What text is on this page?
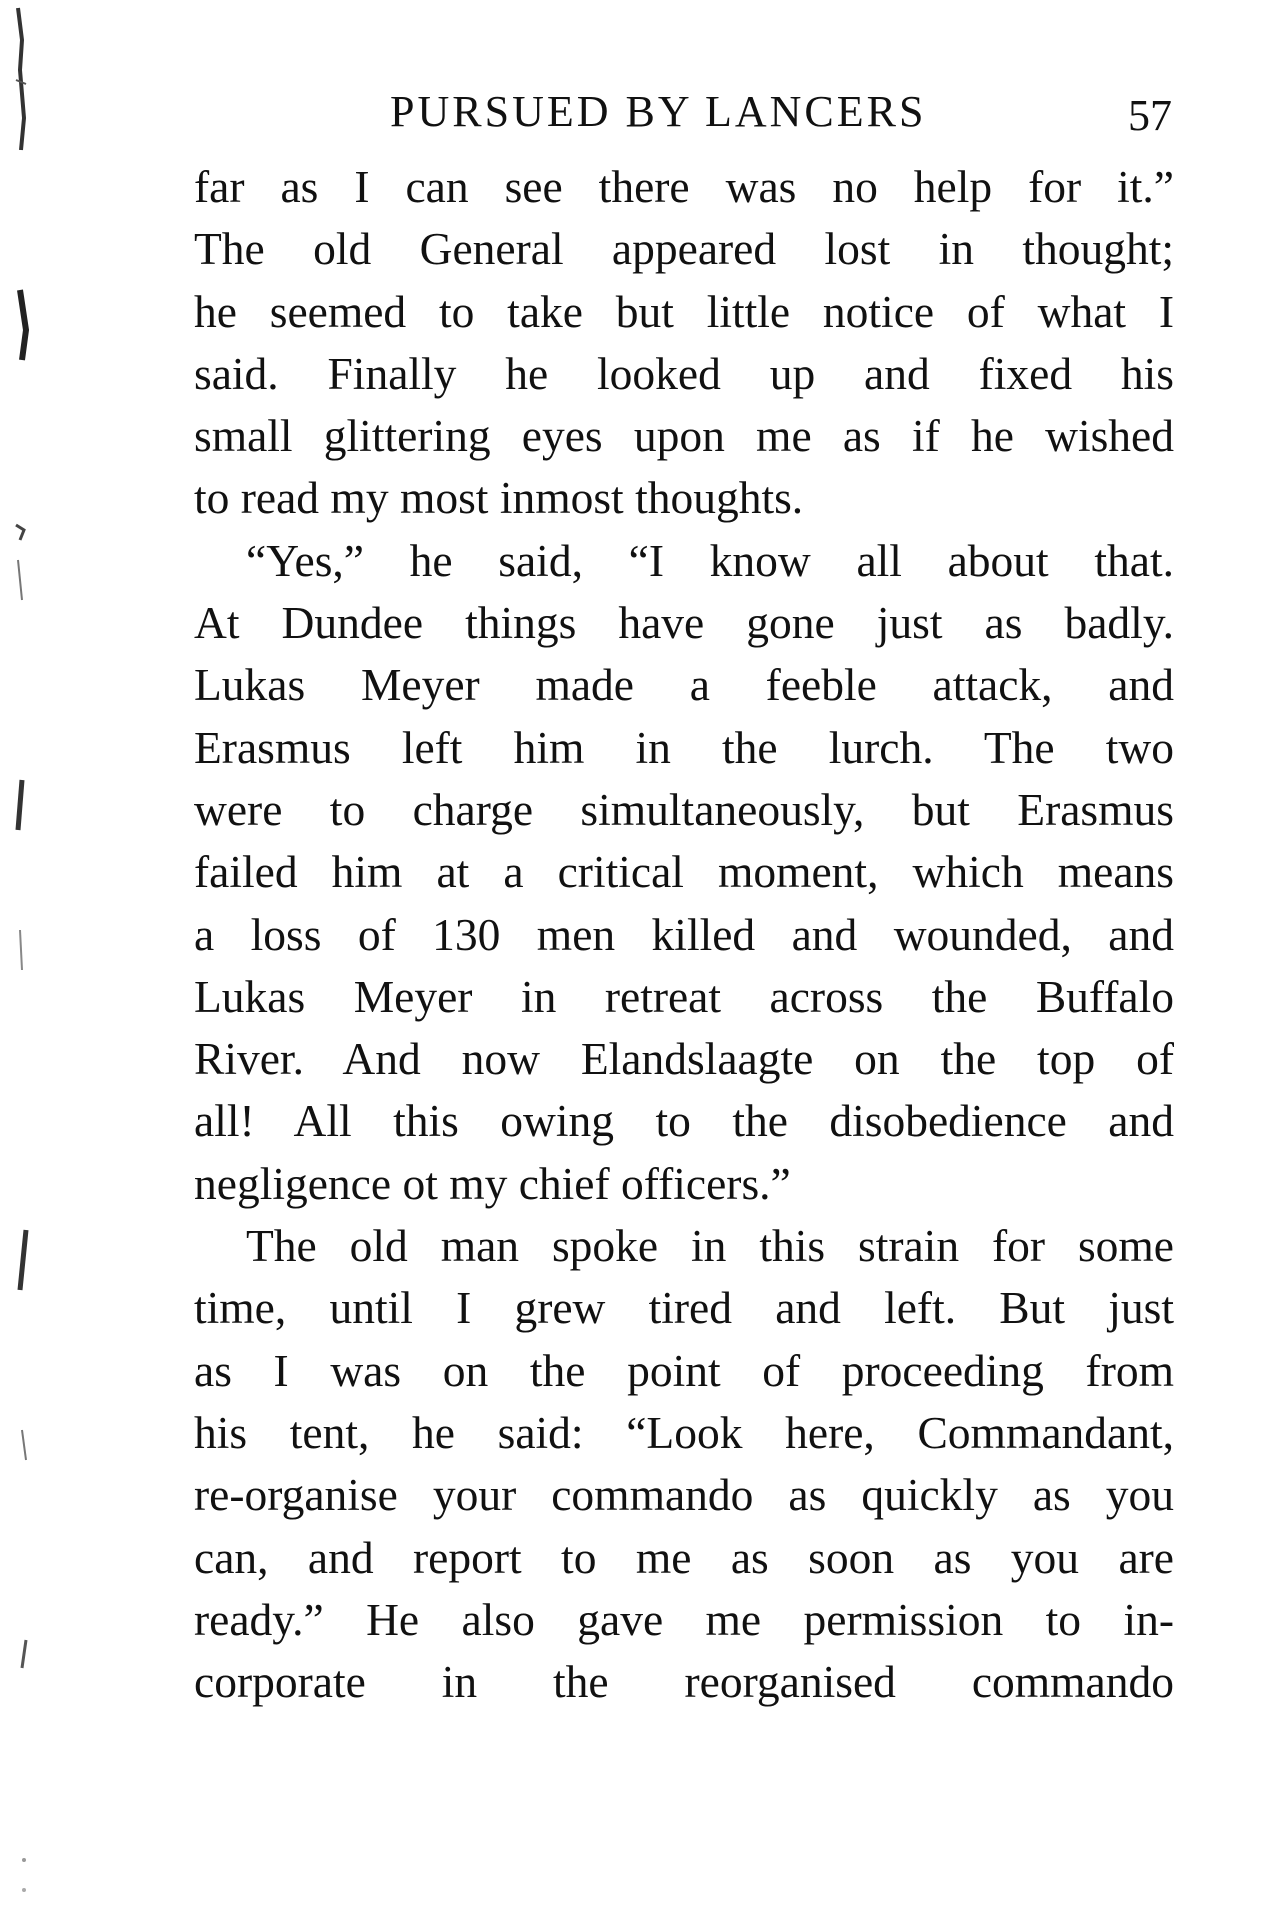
PURSUED BY LANCERS	57
far as I can see there was no help for it.”
The old General appeared lost in thought;
he seemed to take but little notice of what I
said. Finally he looked up and fixed his
small glittering eyes upon me as if he wished
to read my most inmost thoughts.
“Yes,” he said, “I know all about that.
At Dundee things have gone just as badly.
Lukas Meyer made a feeble attack, and
Erasmus left him in the lurch. The two
were to charge simultaneously, but Erasmus
failed him at a critical moment, which means
a loss of 130 men killed and wounded, and
Lukas Meyer in retreat across the Buffalo
River. And now Elandslaagte on the top of
all! All this owing to the disobedience and
negligence ot my chief officers.”
The old man spoke in this strain for some
time, until I grew tired and left. But just
as I was on the point of proceeding from
his tent, he said: “Look here, Commandant,
re-organise your commando as quickly as you
can, and report to me as soon as you are
ready.” He also gave me permission to in-
corporate in the reorganised commando
